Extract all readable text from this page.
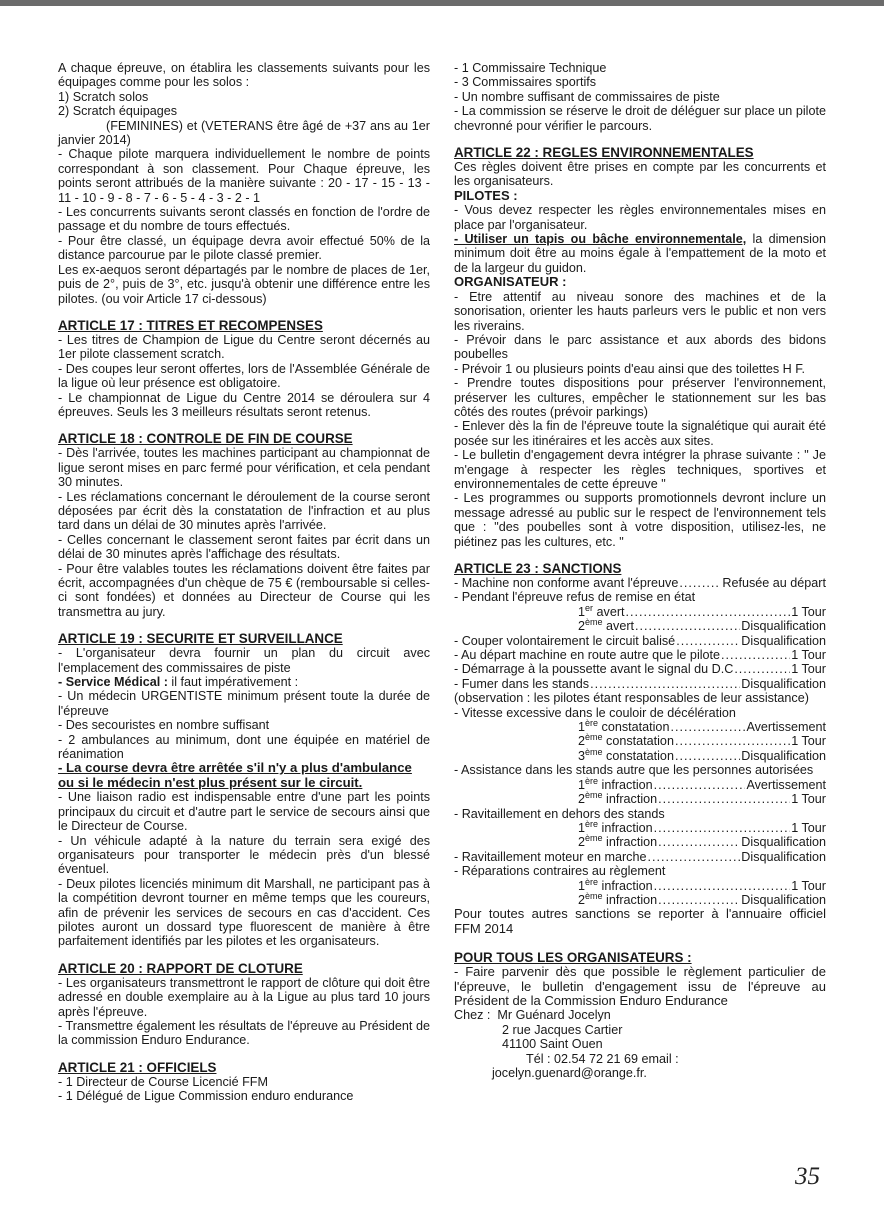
A chaque épreuve, on établira les classements suivants pour les équipages comme pour les solos :

1) Scratch solos

2) Scratch équipages

(FEMININES) et (VETERANS être âgé de +37 ans au 1er janvier 2014)

- Chaque pilote marquera individuellement le nombre de points correspondant à son classement. Pour Chaque épreuve, les points seront attribués de la manière suivante : 20 - 17 - 15 - 13 - 11 - 10 - 9 - 8 - 7 - 6 - 5 - 4 - 3 - 2 - 1

- Les concurrents suivants seront classés en fonction de l'ordre de passage et du nombre de tours effectués.

- Pour être classé, un équipage devra avoir effectué 50% de la distance parcourue par le pilote classé premier.

Les ex-aequos seront départagés par le nombre de places de 1er, puis de 2°, puis de 3°, etc. jusqu'à obtenir une différence entre les pilotes. (ou voir Article 17 ci-dessous)

ARTICLE 17 : TITRES ET RECOMPENSES

- Les titres de Champion de Ligue du Centre seront décernés au 1er pilote classement scratch.

- Des coupes leur seront offertes, lors de l'Assemblée Générale de la ligue où leur présence est obligatoire.

- Le championnat de Ligue du Centre 2014 se déroulera sur 4 épreuves. Seuls les 3 meilleurs résultats seront retenus.

ARTICLE 18 : CONTROLE DE FIN DE COURSE

- Dès l'arrivée, toutes les machines participant au championnat de ligue seront mises en parc fermé pour vérification, et cela pendant 30 minutes.

- Les réclamations concernant le déroulement de la course seront déposées par écrit dès la constatation de l'infraction et au plus tard dans un délai de 30 minutes après l'arrivée.

- Celles concernant le classement seront faites par écrit dans un délai de 30 minutes après l'affichage des résultats.

- Pour être valables toutes les réclamations doivent être faites par écrit, accompagnées d'un chèque de 75 € (remboursable si celles-ci sont fondées) et données au Directeur de Course qui les transmettra au jury.

ARTICLE 19 : SECURITE ET SURVEILLANCE

- L'organisateur devra fournir un plan du circuit avec l'emplacement des commissaires de piste

- Service Médical : il faut impérativement :

- Un médecin URGENTISTE minimum présent toute la durée de l'épreuve

- Des secouristes en nombre suffisant

- 2 ambulances au minimum, dont une équipée en matériel de réanimation

- La course devra être arrêtée s'il n'y a plus d'ambulance ou si le médecin n'est plus présent sur le circuit.

- Une liaison radio est indispensable entre d'une part les points principaux du circuit et d'autre part le service de secours ainsi que le Directeur de Course.

- Un véhicule adapté à la nature du terrain sera exigé des organisateurs pour transporter le médecin près d'un blessé éventuel.

- Deux pilotes licenciés minimum dit Marshall, ne participant pas à la compétition devront tourner en même temps que les coureurs, afin de prévenir les services de secours en cas d'accident. Ces pilotes auront un dossard type fluorescent de manière à être parfaitement identifiés par les pilotes et les organisateurs.

ARTICLE 20 : RAPPORT DE CLOTURE

- Les organisateurs transmettront le rapport de clôture qui doit être adressé en double exemplaire au à la Ligue au plus tard 10 jours après l'épreuve.

- Transmettre également les résultats de l'épreuve au Président de la commission Enduro Endurance.

ARTICLE 21 : OFFICIELS

- 1 Directeur de Course Licencié FFM

- 1 Délégué de Ligue Commission enduro endurance

- 1 Commissaire Technique

- 3 Commissaires sportifs

- Un nombre suffisant de commissaires de piste

- La commission se réserve le droit de déléguer sur place un pilote chevronné pour vérifier le parcours.

ARTICLE 22 : REGLES ENVIRONNEMENTALES

Ces règles doivent être prises en compte par les concurrents et les organisateurs.

PILOTES :

- Vous devez respecter les règles environnementales mises en place par l'organisateur.

- Utiliser un tapis ou bâche environnementale, la dimension minimum doit être au moins égale à l'empattement de la moto et de la largeur du guidon.

ORGANISATEUR :

- Etre attentif au niveau sonore des machines et de la sonorisation, orienter les hauts parleurs vers le public et non vers les riverains.

- Prévoir dans le parc assistance et aux abords des bidons poubelles

- Prévoir 1 ou plusieurs points d'eau ainsi que des toilettes H F.

- Prendre toutes dispositions pour préserver l'environnement, préserver les cultures, empêcher le stationnement sur les bas côtés des routes (prévoir parkings)

- Enlever dès la fin de l'épreuve toute la signalétique qui aurait été posée sur les itinéraires et les accès aux sites.

- Le bulletin d'engagement devra intégrer la phrase suivante : " Je m'engage à respecter les règles techniques, sportives et environnementales de cette épreuve "

- Les programmes ou supports promotionnels devront inclure un message adressé au public sur le respect de l'environnement tels que : "des poubelles sont à votre disposition, utilisez-les, ne piétinez pas les cultures, etc. "

ARTICLE 23 : SANCTIONS

- Machine non conforme avant l'épreuve .....	Refusée au départ

- Pendant l'épreuve refus de remise en état

1er avert .....	1 Tour
2ème avert .....	Disqualification
- Couper volontairement le circuit balisé .....	Disqualification
- Au départ machine en route autre que le pilote .....	1 Tour
- Démarrage à la poussette avant le signal du D.C .....	1 Tour
- Fumer dans les stands .....	Disqualification

(observation : les pilotes étant responsables de leur assistance)

- Vitesse excessive dans le couloir de décélération

1ère constatation .....	Avertissement
2ème constatation .....	1 Tour
3ème constatation .....	Disqualification

- Assistance dans les stands autre que les personnes autorisées

1ère infraction .....	Avertissement
2ème infraction .....	1 Tour

- Ravitaillement en dehors des stands

1ère infraction .....	1 Tour
2ème infraction .....	Disqualification
- Ravitaillement moteur en marche .....	Disqualification

- Réparations contraires au règlement

1ère infraction .....	1 Tour
2ème infraction .....	Disqualification

Pour toutes autres sanctions se reporter à l'annuaire officiel FFM 2014

POUR TOUS LES ORGANISATEURS :

- Faire parvenir dès que possible le règlement particulier de l'épreuve, le bulletin d'engagement issu de l'épreuve au Président de la Commission Enduro Endurance

Chez : Mr Guénard Jocelyn

2 rue Jacques Cartier

41100 Saint Ouen

Tél : 02.54 72 21 69 email :

jocelyn.guenard@orange.fr.

35
